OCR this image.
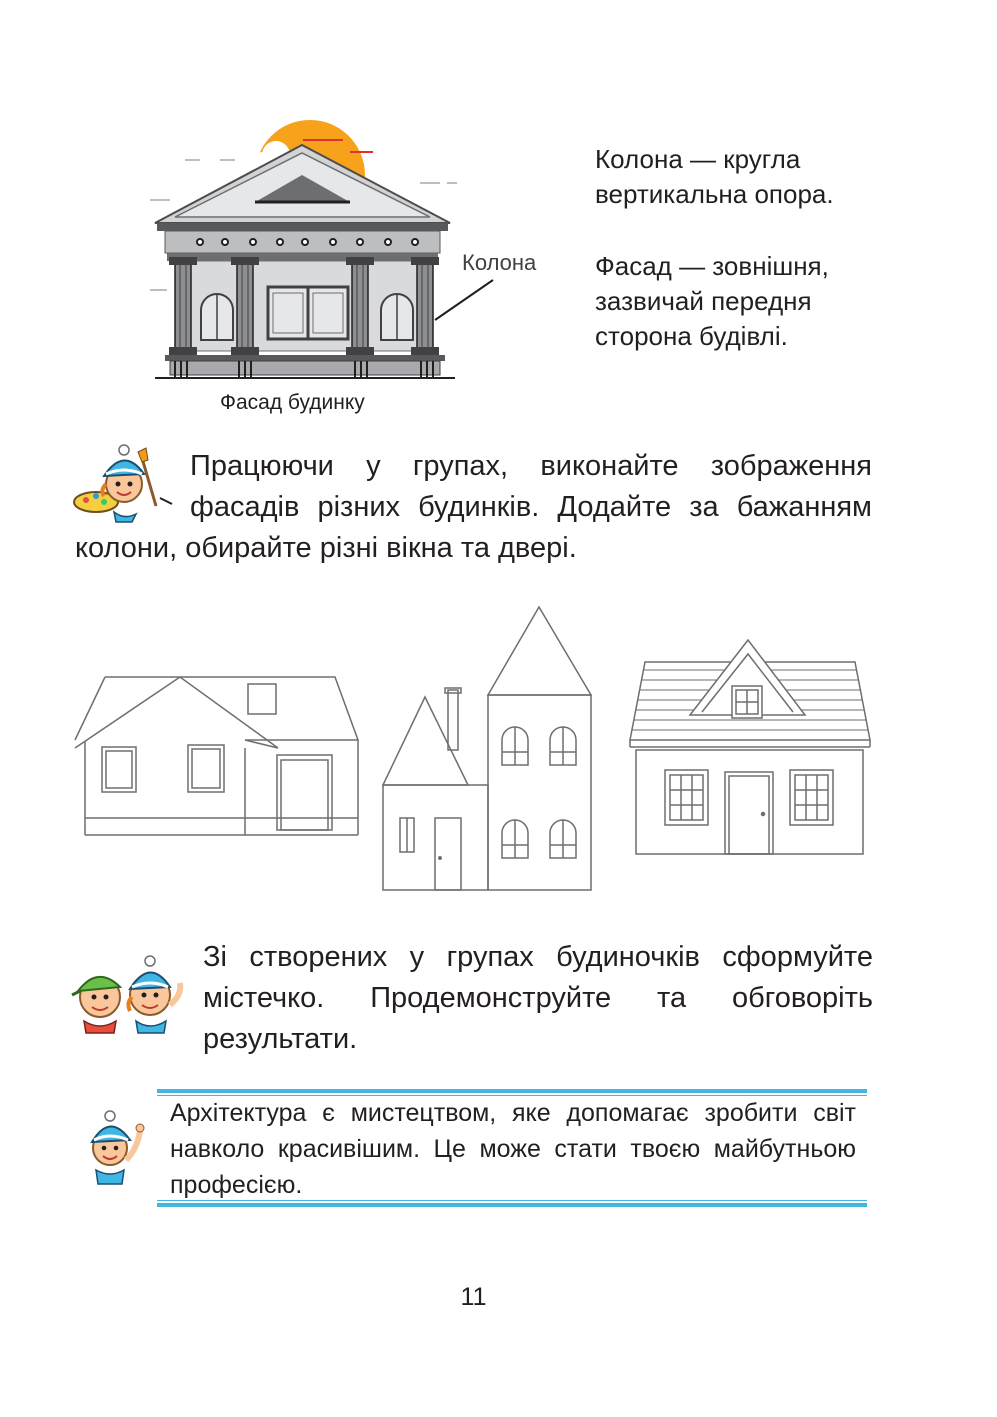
Колона
Фасад будинку
Колона — кругла вертикальна опора.
Фасад — зовнішня, зазвичай передня сторона будівлі.
Працюючи у групах, виконайте зображення фасадів різних будинків. Додайте за бажанням колони, обирайте різні вікна та двері.
Зі створених у групах будиночків сформуйте містечко. Продемонструйте та обговоріть результати.
Архітектура є мистецтвом, яке допомагає зробити світ навколо красивішим. Це може стати твоєю майбутньою професією.
11
